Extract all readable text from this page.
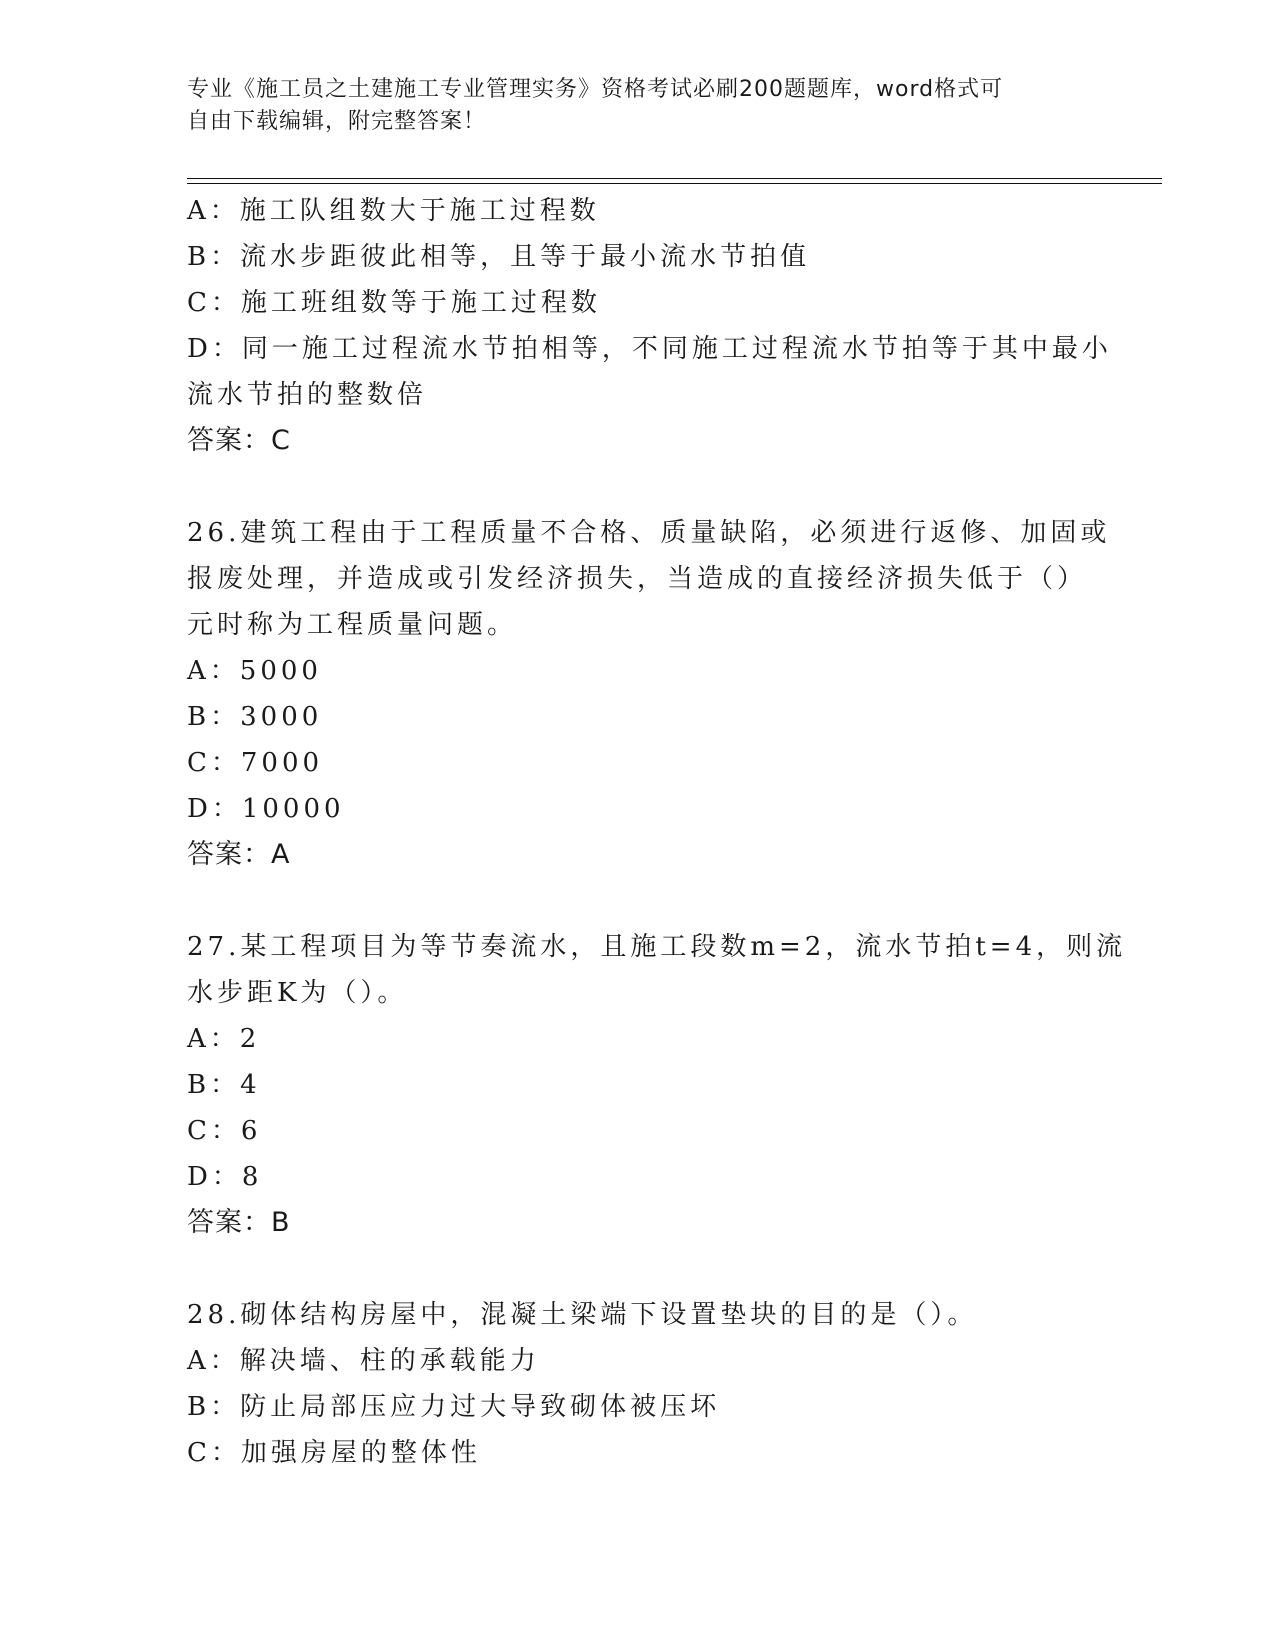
专业《施工员之土建施工专业管理实务》资格考试必刷200题题库，word格式可
自由下载编辑，附完整答案！
A：施工队组数大于施工过程数
B：流水步距彼此相等，且等于最小流水节拍值
C：施工班组数等于施工过程数
D：同一施工过程流水节拍相等，不同施工过程流水节拍等于其中最小
流水节拍的整数倍
答案：C
26.建筑工程由于工程质量不合格、质量缺陷，必须进行返修、加固或
报废处理，并造成或引发经济损失，当造成的直接经济损失低于（）
元时称为工程质量问题。
A：5000
B：3000
C：7000
D：10000
答案：A
27.某工程项目为等节奏流水，且施工段数m=2，流水节拍t=4，则流
水步距K为（）。
A：2
B：4
C：6
D：8
答案：B
28.砌体结构房屋中，混凝土梁端下设置垫块的目的是（）。
A：解决墙、柱的承载能力
B：防止局部压应力过大导致砌体被压坏
C：加强房屋的整体性
